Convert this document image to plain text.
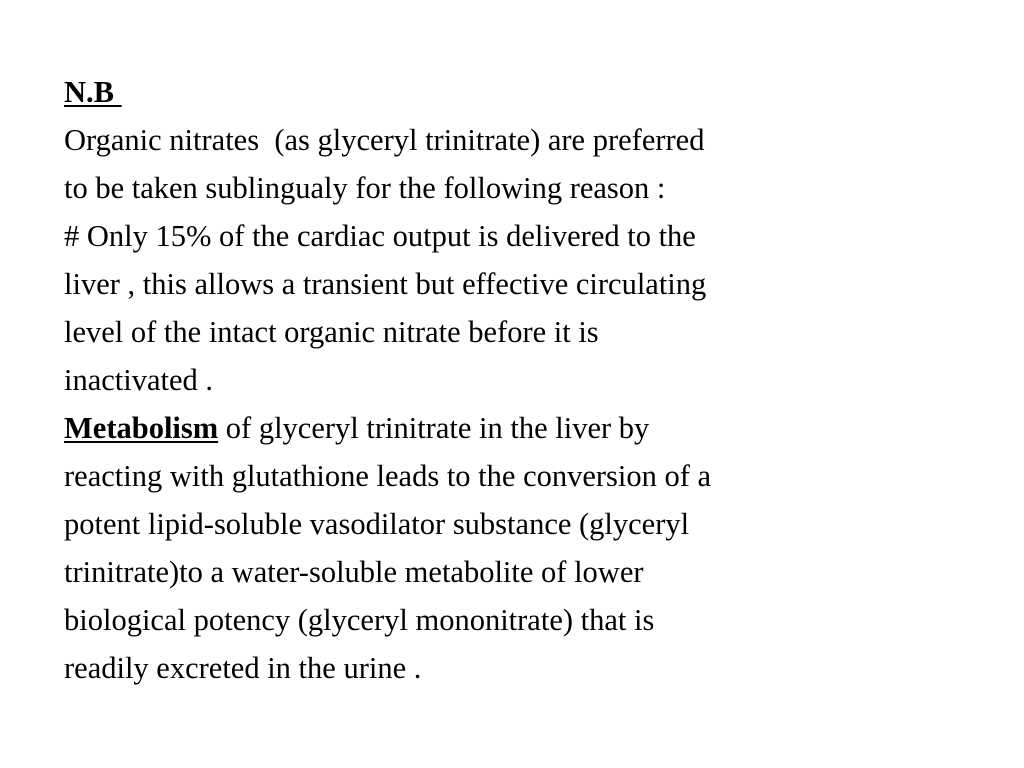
N.B
Organic nitrates  (as glyceryl trinitrate) are preferred
to be taken sublingualy for the following reason :
# Only 15% of the cardiac output is delivered to the
liver , this allows a transient but effective circulating
level of the intact organic nitrate before it is
inactivated .
Metabolism of glyceryl trinitrate in the liver by
reacting with glutathione leads to the conversion of a
potent lipid-soluble vasodilator substance (glyceryl
trinitrate)to a water-soluble metabolite of lower
biological potency (glyceryl mononitrate) that is
readily excreted in the urine .
